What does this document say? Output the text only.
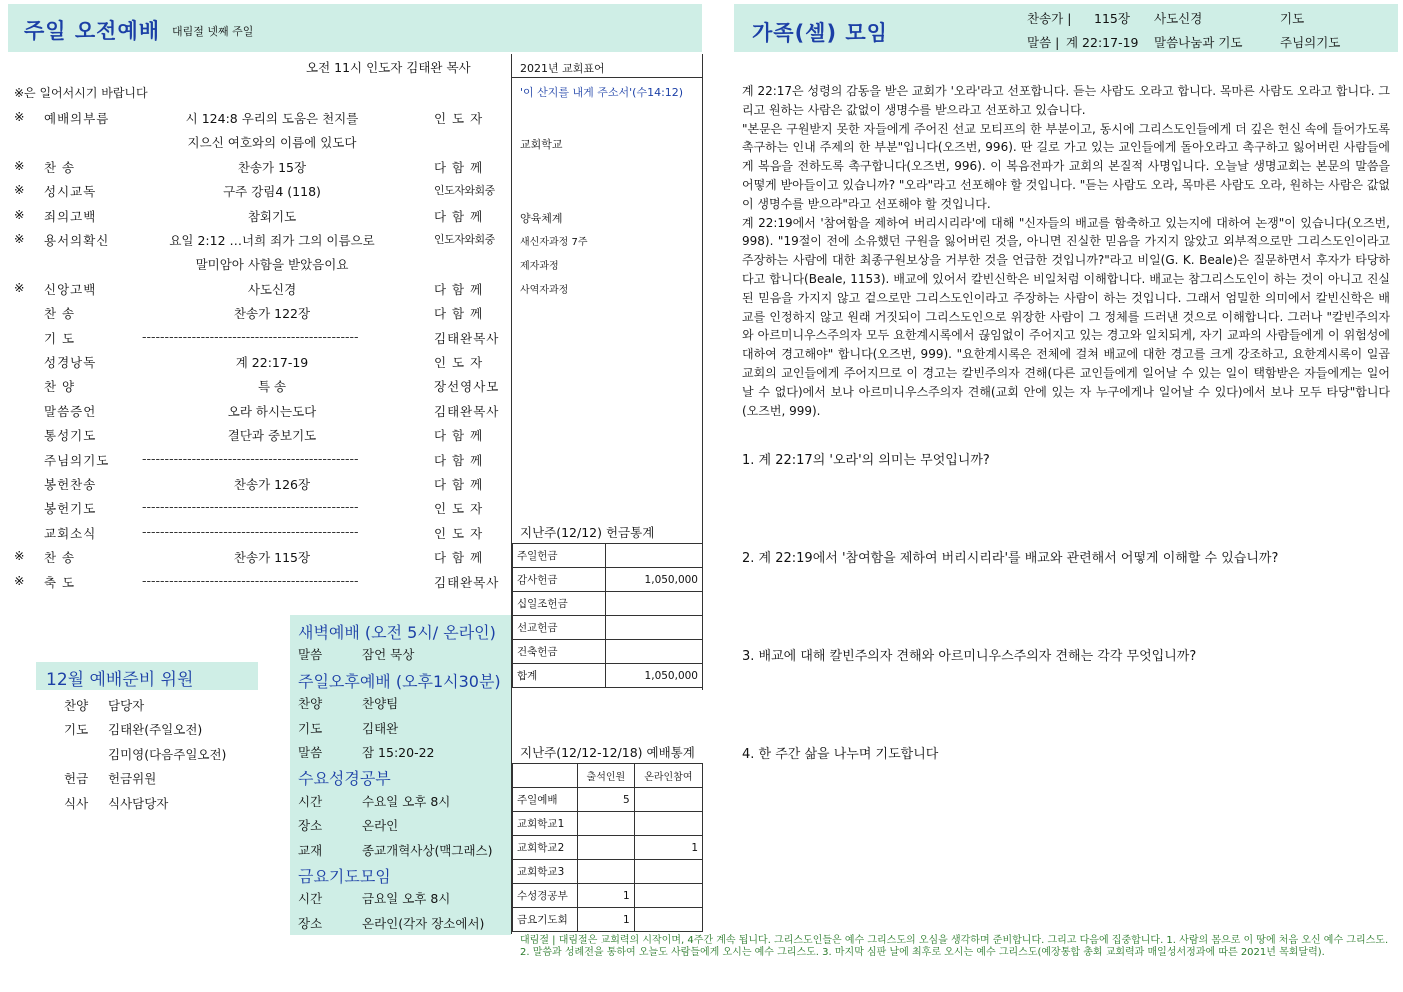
주일 오전예배 대림절 넷째 주일
오전 11시 인도자 김태완 목사
※은 일어서시기 바랍니다
※ 예배의부름	시 124:8 우리의 도움은 천지를	인 도 자
지으신 여호와의 이름에 있도다
※ 찬 송	찬송가 15장	다 함 께
※ 성시교독	구주 강림4 (118)	인도자와회중
※ 죄의고백	참회기도	다 함 께
※ 용서의확신	요일 2:12 …너희 죄가 그의 이름으로	인도자와회중
말미암아 사함을 받았음이요
※ 신앙고백	사도신경	다 함 께
찬 송	찬송가 122장	다 함 께
기 도	------------------------------------------------	김태완목사
성경낭독	계 22:17-19	인 도 자
찬 양	특 송	장선영사모
말씀증언	오라 하시는도다	김태완목사
통성기도	결단과 중보기도	다 함 께
주님의기도	------------------------------------------------	다 함 께
봉헌찬송	찬송가 126장	다 함 께
봉헌기도	------------------------------------------------	인 도 자
교회소식	------------------------------------------------	인 도 자
※ 찬 송	찬송가 115장	다 함 께
※ 축 도	------------------------------------------------	김태완목사
2021년 교회표어
'이 산지를 내게 주소서'(수14:12)
교회학교
양육체계
새신자과정 7주
제자과정
사역자과정
지난주(12/12) 헌금통계
주일헌금	
감사헌금	1,050,000
십일조헌금	
선교헌금	
건축헌금	
합계	1,050,000
지난주(12/12-12/18) 예배통계
	출석인원	온라인참여
주일예배	5	
교회학교1		
교회학교2		1
교회학교3		
수성경공부	1	
금요기도회	1	
12월 예배준비 위원
찬양 담당자
기도 김태완(주일오전)
김미영(다음주일오전)
헌금 헌금위원
식사 식사담당자
새벽예배 (오전 5시/ 온라인)
말씀	잠언 묵상
주일오후예배 (오후1시30분)
찬양	찬양팀
기도	김태완
말씀	잠 15:20-22
수요성경공부
시간	수요일 오후 8시
장소	온라인
교재	종교개혁사상(맥그래스)
금요기도모임
시간	금요일 오후 8시
장소	온라인(각자 장소에서)
대림절 | 대림절은 교회력의 시작이며, 4주간 계속 됩니다. 그리스도인들은 예수 그리스도의 오심을 생각하며 준비합니다. 그리고 다음에 집중합니다. 1. 사람의 몸으로 이 땅에 처음 오신 예수 그리스도. 2. 말씀과 성례전을 통하여 오늘도 사람들에게 오시는 예수 그리스도. 3. 마지막 심판 날에 최후로 오시는 예수 그리스도(예장통합 총회 교회력과 매일성서정과에 따른 2021년 목회달력).
가족(셀) 모임
찬송가 | 115장 사도신경	기도
말씀 | 계 22:17-19 말씀나눔과 기도	주님의기도
계 22:17은 성령의 감동을 받은 교회가 '오라'라고 선포합니다. 듣는 사람도 오라고 합니다. 목마른 사람도 오라고 합니다. 그리고 원하는 사람은 값없이 생명수를 받으라고 선포하고 있습니다.
"본문은 구원받지 못한 자들에게 주어진 선교 모티프의 한 부분이고, 동시에 그리스도인들에게 더 깊은 헌신 속에 들어가도록 촉구하는 인내 주제의 한 부분"입니다(오즈번, 996). 딴 길로 가고 있는 교인들에게 돌아오라고 촉구하고 잃어버린 사람들에게 복음을 전하도록 촉구합니다(오즈번, 996). 이 복음전파가 교회의 본질적 사명입니다. 오늘날 생명교회는 본문의 말씀을 어떻게 받아들이고 있습니까? "오라"라고 선포해야 할 것입니다. "듣는 사람도 오라, 목마른 사람도 오라, 원하는 사람은 값없이 생명수를 받으라"라고 선포해야 할 것입니다.
계 22:19에서 '참여함을 제하여 버리시리라'에 대해 "신자들의 배교를 함축하고 있는지에 대하여 논쟁"이 있습니다(오즈번, 998). "19절이 전에 소유했던 구원을 잃어버린 것을, 아니면 진실한 믿음을 가지지 않았고 외부적으로만 그리스도인이라고 주장하는 사람에 대한 최종구원보상을 거부한 것을 언급한 것입니까?"라고 비일(G. K. Beale)은 질문하면서 후자가 타당하다고 합니다(Beale, 1153). 배교에 있어서 칼빈신학은 비일처럼 이해합니다. 배교는 참그리스도인이 하는 것이 아니고 진실된 믿음을 가지지 않고 겉으로만 그리스도인이라고 주장하는 사람이 하는 것입니다. 그래서 엄밀한 의미에서 칼빈신학은 배교를 인정하지 않고 원래 거짓되이 그리스도인으로 위장한 사람이 그 정체를 드러낸 것으로 이해합니다. 그러나 "칼빈주의자와 아르미니우스주의자 모두 요한계시록에서 끊임없이 주어지고 있는 경고와 일치되게, 자기 교파의 사람들에게 이 위험성에 대하여 경고해야" 합니다(오즈번, 999). "요한계시록은 전체에 걸쳐 배교에 대한 경고를 크게 강조하고, 요한계시록이 일곱 교회의 교인들에게 주어지므로 이 경고는 칼빈주의자 견해(다른 교인들에게 일어날 수 있는 일이 택함받은 자들에게는 일어날 수 없다)에서 보나 아르미니우스주의자 견해(교회 안에 있는 자 누구에게나 일어날 수 있다)에서 보나 모두 타당"합니다(오즈번, 999).
1. 계 22:17의 '오라'의 의미는 무엇입니까?
2. 계 22:19에서 '참여함을 제하여 버리시리라'를 배교와 관련해서 어떻게 이해할 수 있습니까?
3. 배교에 대해 칼빈주의자 견해와 아르미니우스주의자 견해는 각각 무엇입니까?
4. 한 주간 삶을 나누며 기도합니다
